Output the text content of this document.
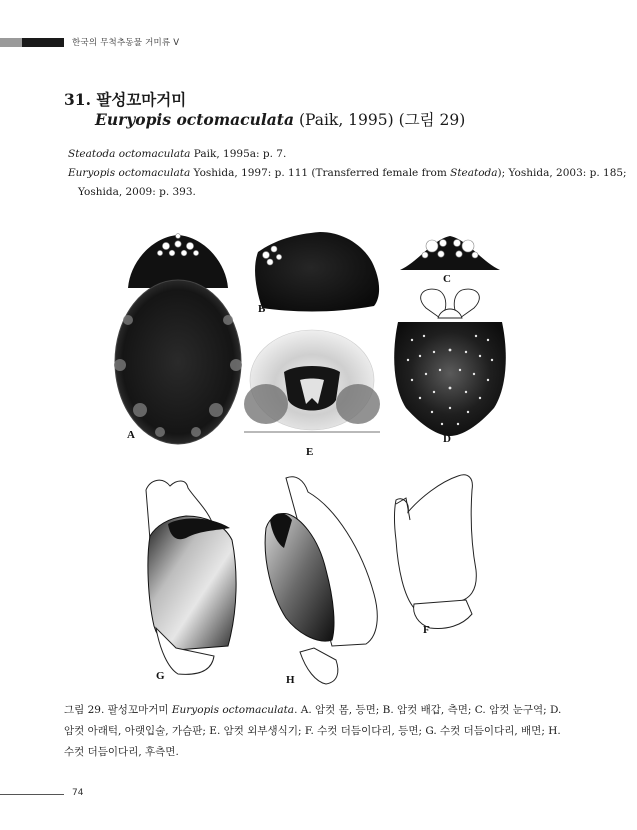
한국의 무척추동물 거미류 V
31. 팔성꼬마거미
Euryopis octomaculata (Paik, 1995) (그림 29)
Steatoda octomaculata Paik, 1995a: p. 7.
Euryopis octomaculata Yoshida, 1997: p. 111 (Transferred female from Steatoda); Yoshida, 2003: p. 185;
Yoshida, 2009: p. 393.
A
B
C
D
E
G	H
F
그림 29. 팔성꼬마거미 Euryopis octomaculata. A. 암컷 몸, 등면; B. 암컷 배갑, 측면; C. 암컷 눈구역; D. 암컷 아래턱, 아랫입술, 가슴판; E. 암컷 외부생식기; F. 수컷 더듬이다리, 등면; G. 수컷 더듬이다리, 배면; H. 수컷 더듬이다리, 후측면.
74
